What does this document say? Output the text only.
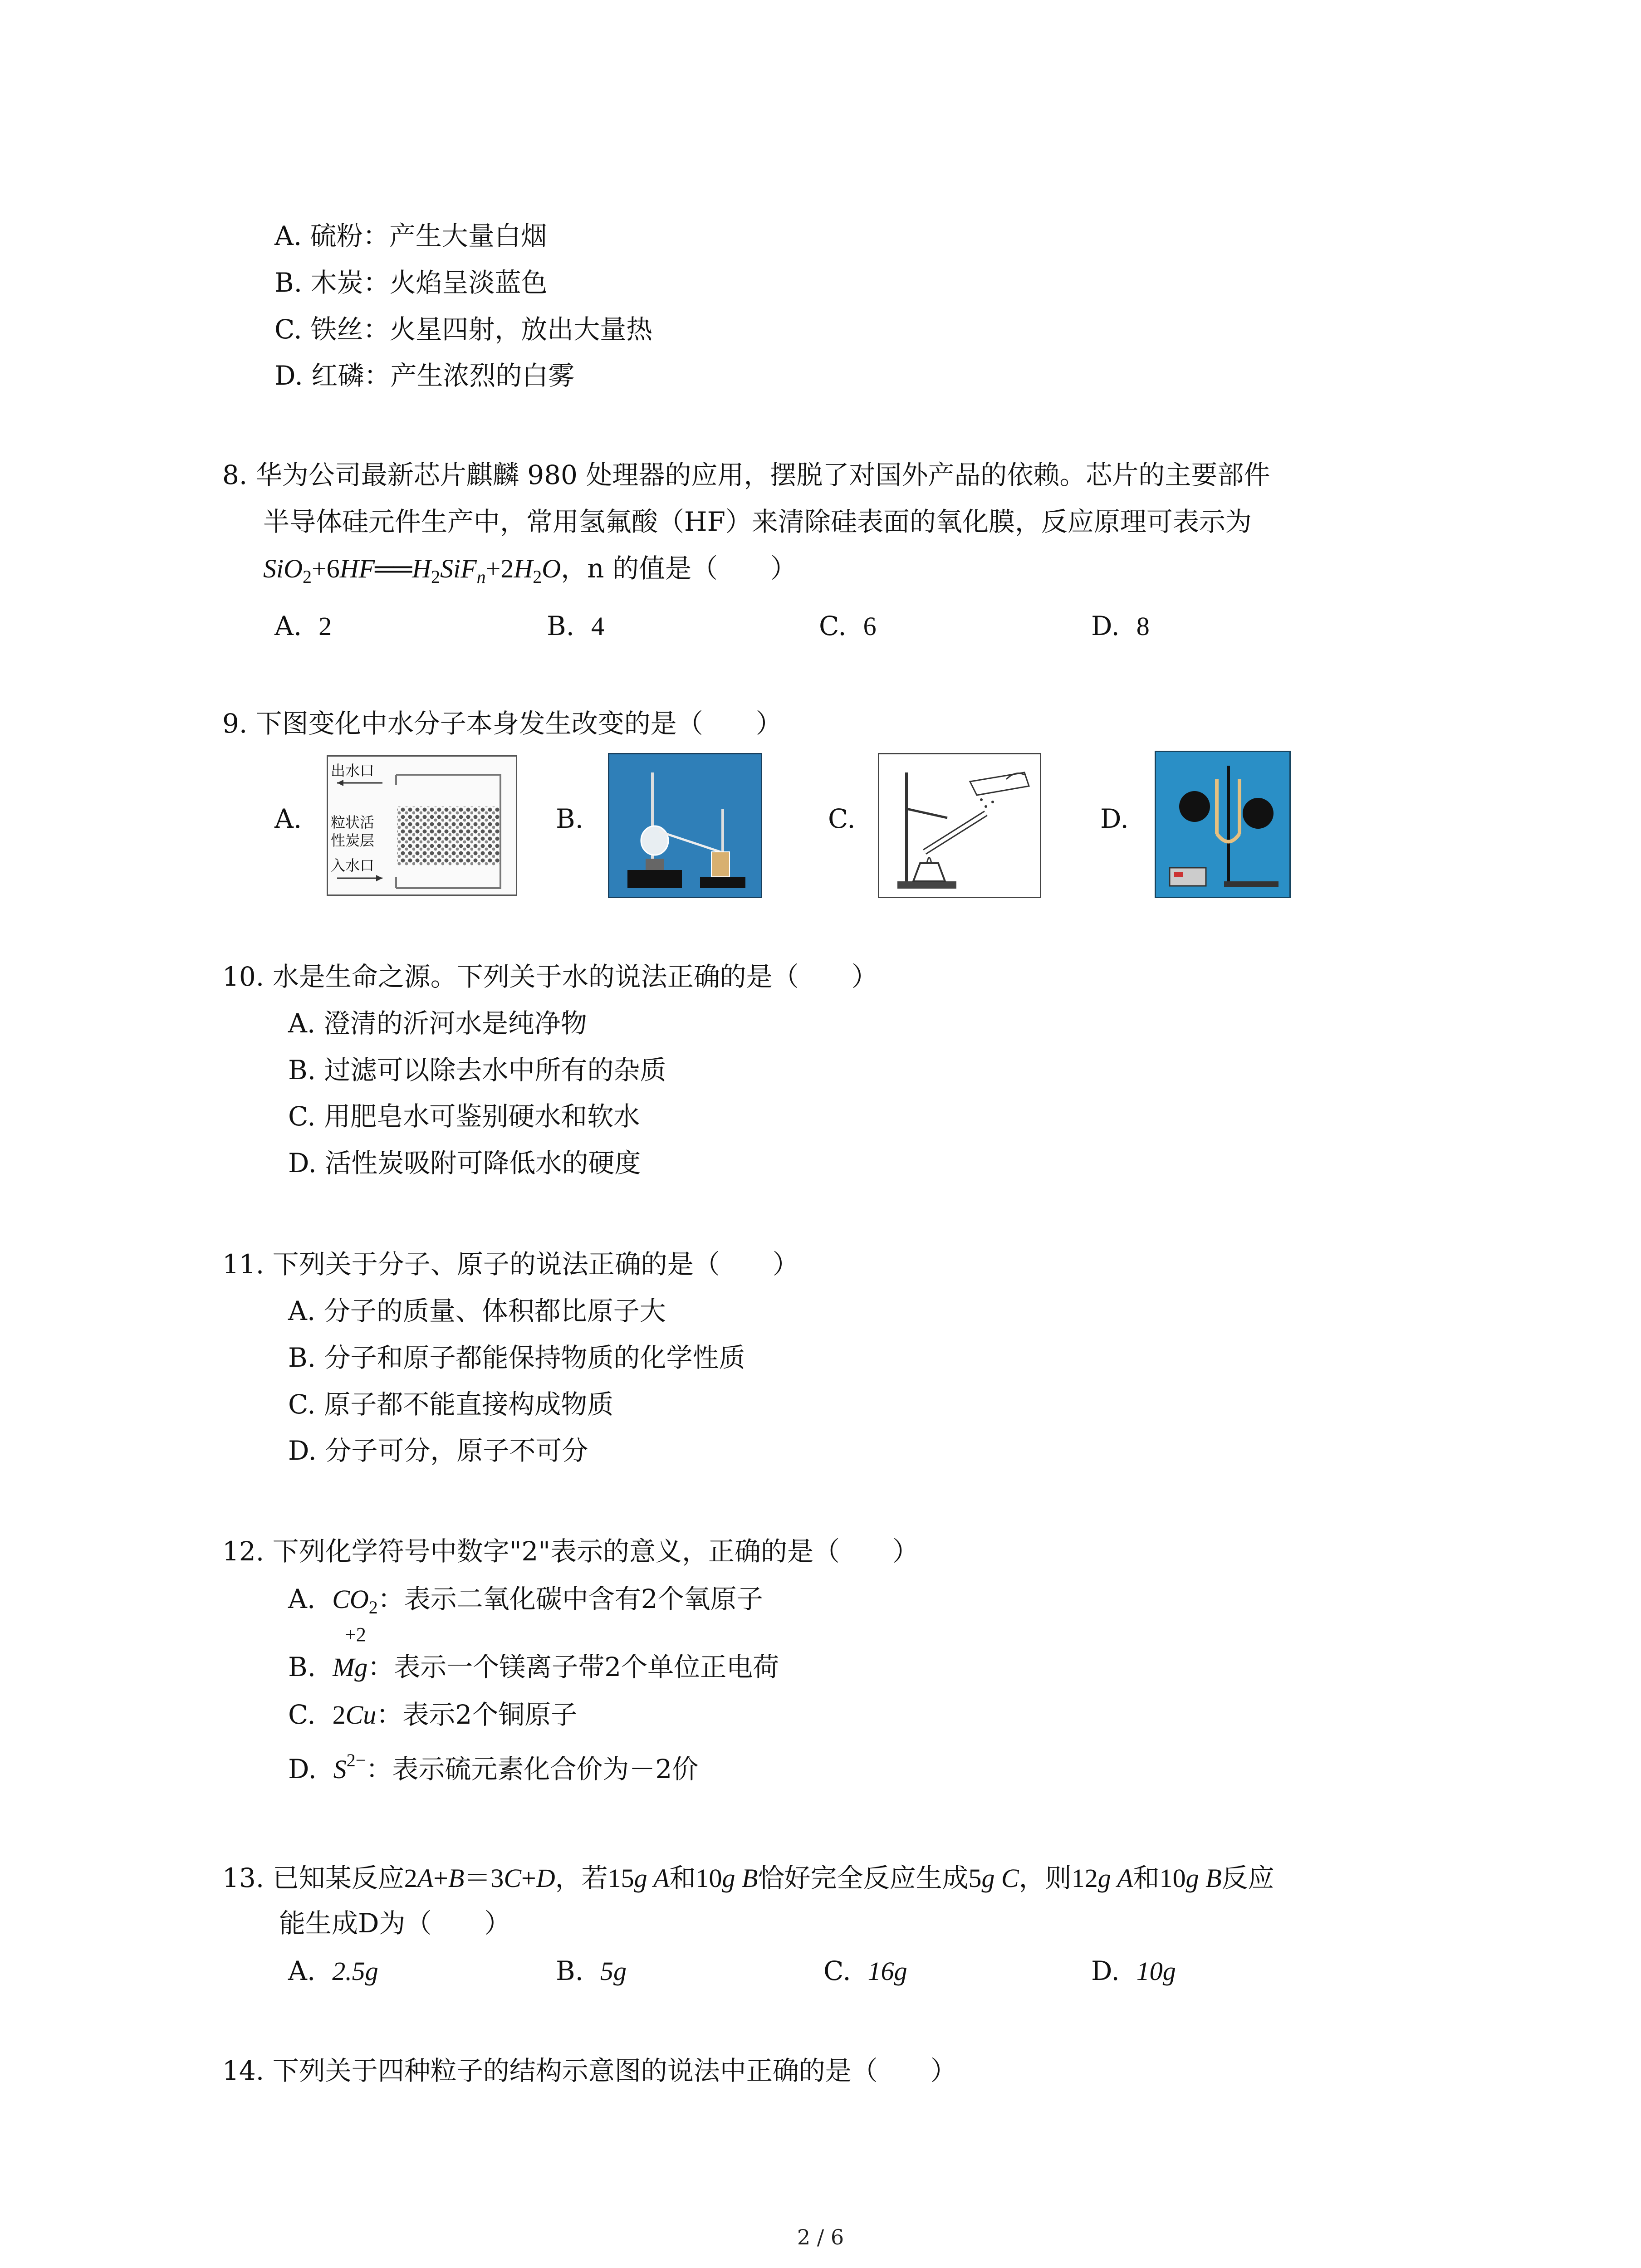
A. 硫粉：产生大量白烟
B. 木炭：火焰呈淡蓝色
C. 铁丝：火星四射，放出大量热
D. 红磷：产生浓烈的白雾
8. 华为公司最新芯片麒麟 980 处理器的应用，摆脱了对国外产品的依赖。芯片的主要部件
半导体硅元件生产中，常用氢氟酸（HF）来清除硅表面的氧化膜，反应原理可表示为
$SiO_2+6HF══H_2SiF_n+2H_2O$，n 的值是（　　）
A. 2	B. 4	C. 6	D. 8
9. 下图变化中水分子本身发生改变的是（　　）
A.	B.	C.	D.
出水口
粒状活
性炭层
入水口
10. 水是生命之源。下列关于水的说法正确的是（　　）
A. 澄清的沂河水是纯净物
B. 过滤可以除去水中所有的杂质
C. 用肥皂水可鉴别硬水和软水
D. 活性炭吸附可降低水的硬度
11. 下列关于分子、原子的说法正确的是（　　）
A. 分子的质量、体积都比原子大
B. 分子和原子都能保持物质的化学性质
C. 原子都不能直接构成物质
D. 分子可分，原子不可分
12. 下列化学符号中数字"2"表示的意义，正确的是（　　）
A. $CO_2$：表示二氧化碳中含有2个氧原子
+2
B. Mg：表示一个镁离子带2个单位正电荷
C. 2Cu：表示2个铜原子
D. $S^{2-}$：表示硫元素化合价为－2价
13. 已知某反应2A+B＝3C+D，若15g A和10g B恰好完全反应生成5g C，则12g A和10g B反应
能生成D为（　　）
A. 2.5g	B. 5g	C. 16g	D. 10g
14. 下列关于四种粒子的结构示意图的说法中正确的是（　　）
2 / 6
